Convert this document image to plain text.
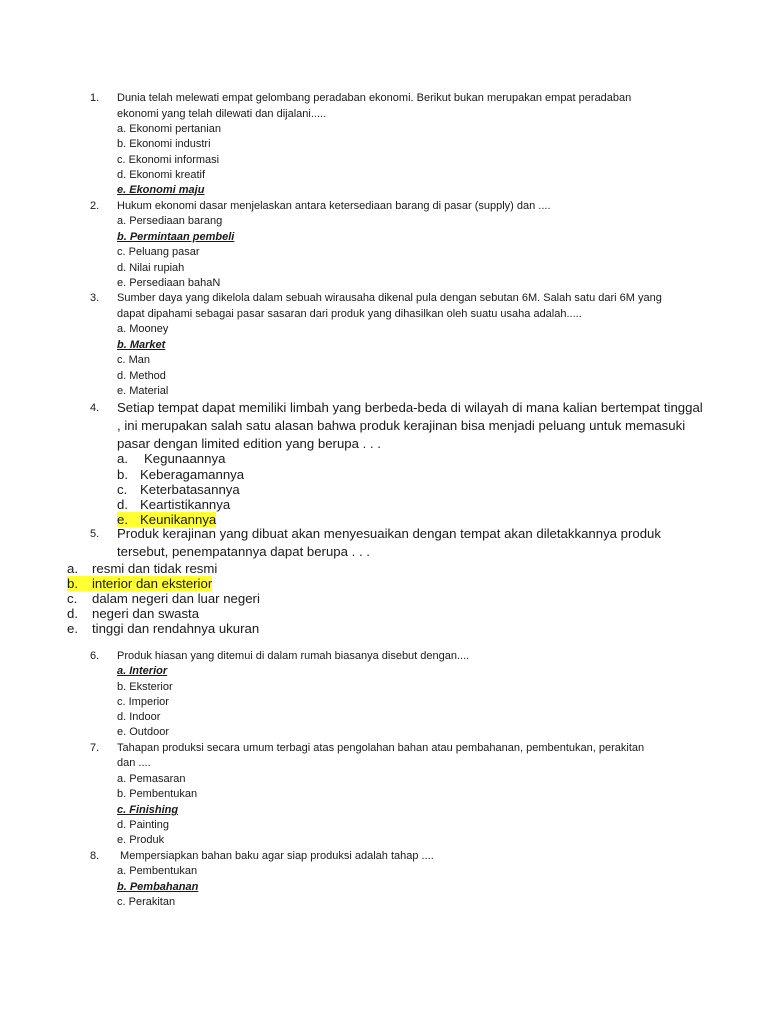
1. Dunia telah melewati empat gelombang peradaban ekonomi. Berikut bukan merupakan empat peradaban
ekonomi yang telah dilewati dan dijalani.....
a. Ekonomi pertanian
b. Ekonomi industri
c. Ekonomi informasi
d. Ekonomi kreatif
e. Ekonomi maju
2. Hukum ekonomi dasar menjelaskan antara ketersediaan barang di pasar (supply) dan ....
a. Persediaan barang
b. Permintaan pembeli
c. Peluang pasar
d. Nilai rupiah
e. Persediaan bahaN
3. Sumber daya yang dikelola dalam sebuah wirausaha dikenal pula dengan sebutan 6M. Salah satu dari 6M yang
dapat dipahami sebagai pasar sasaran dari produk yang dihasilkan oleh suatu usaha adalah.....
a. Mooney
b. Market
c. Man
d. Method
e. Material
4. Setiap tempat dapat memiliki limbah yang berbeda-beda di wilayah di mana kalian bertempat tinggal
, ini merupakan salah satu alasan bahwa produk kerajinan bisa menjadi peluang untuk memasuki
pasar dengan limited edition yang berupa . . .
a. Kegunaannya
b. Keberagamannya
c. Keterbatasannya
d. Keartistikannya
e. Keunikannya
5. Produk kerajinan yang dibuat akan menyesuaikan dengan tempat akan diletakkannya produk
tersebut, penempatannya dapat berupa . . .
a. resmi dan tidak resmi
b. interior dan eksterior
c. dalam negeri dan luar negeri
d. negeri dan swasta
e. tinggi dan rendahnya ukuran
6. Produk hiasan yang ditemui di dalam rumah biasanya disebut dengan....
a. Interior
b. Eksterior
c. Imperior
d. Indoor
e. Outdoor
7. Tahapan produksi secara umum terbagi atas pengolahan bahan atau pembahanan, pembentukan, perakitan
dan ....
a. Pemasaran
b. Pembentukan
c. Finishing
d. Painting
e. Produk
8. Mempersiapkan bahan baku agar siap produksi adalah tahap ....
a. Pembentukan
b. Pembahanan
c. Perakitan
